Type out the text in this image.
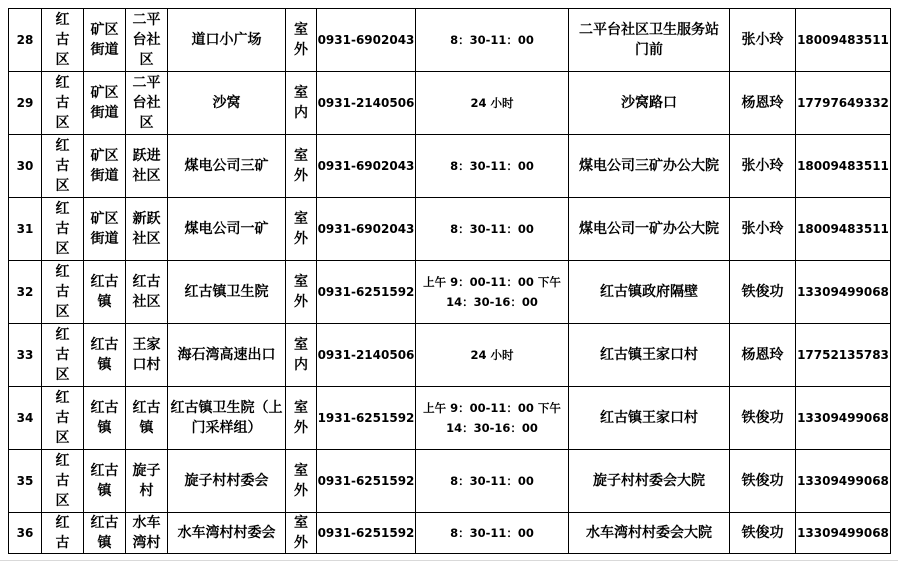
28	红古区	矿区街道	二平台社区	道口小广场	室外	0931-6902043	8：30-11：00	二平台社区卫生服务站门前	张小玲	18009483511
29	红古区	矿区街道	二平台社区	沙窝	室内	0931-2140506	24 小时	沙窝路口	杨恩玲	17797649332
30	红古区	矿区街道	跃进社区	煤电公司三矿	室外	0931-6902043	8：30-11：00	煤电公司三矿办公大院	张小玲	18009483511
31	红古区	矿区街道	新跃社区	煤电公司一矿	室外	0931-6902043	8：30-11：00	煤电公司一矿办公大院	张小玲	18009483511
32	红古区	红古镇	红古社区	红古镇卫生院	室外	0931-6251592	上午 9：00-11：00 下午 14：30-16：00	红古镇政府隔壁	铁俊功	13309499068
33	红古区	红古镇	王家口村	海石湾高速出口	室内	0931-2140506	24 小时	红古镇王家口村	杨恩玲	17752135783
34	红古区	红古镇	红古镇	红古镇卫生院（上门采样组）	室外	1931-6251592	上午 9：00-11：00 下午 14：30-16：00	红古镇王家口村	铁俊功	13309499068
35	红古区	红古镇	旋子村	旋子村村委会	室外	0931-6251592	8：30-11：00	旋子村村委会大院	铁俊功	13309499068
36	红古	红古镇	水车湾村	水车湾村村委会	室外	0931-6251592	8：30-11：00	水车湾村村委会大院	铁俊功	13309499068
